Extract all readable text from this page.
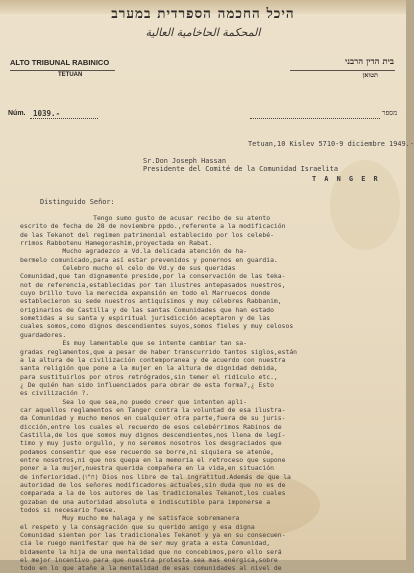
היכל החכמה הספרדית במערב
المحكمة الحاخامية العالية
ALTO TRIBUNAL RABINICO
TETUAN
בית הדין הרבני
תטואן
Núm. 1039.-	מספר
Tetuan,10 Kislev 5710-9 diciembre 1949.-
Sr.Don Joseph Hassan
Presidente del Comité de la Comunidad Israelita
T A N G E R
Distinguido Señor:
Tengo sumo gusto de acusar recibo de su atento
escrito de fecha de 28 de noviembre ppdo.,referente a la modificación
de las Tekanot del regimen patrimonial establecido por los celebé-
rrimos Rabbotenu Hamegorashim,proyectada en Rabat.
Mucho agradezco a Vd.la delicada atención de ha-
bermelo comunicado,para así estar prevenidos y ponernos en guardia.
Celebro mucho el celo de Vd.y de sus queridas
Comunidad,que tan dignamente preside,por la conservación de las teka-
not de referencia,establecidas por tan ilustres antepasados nuestros,
cuyo brillo tuvo la merecida expansión en todo el Marruecos donde
establecieron su sede nuestros antiquísimos y muy célebres Rabbanim,
originarios de Castilla y de las santas Comunidades que han estado
sometidas a su santa y espiritual jurisdicción aceptaron y de las
cuales somos,como dignos descendientes suyos,somos fieles y muy celosos
guardadores.
Es muy lamentable que se intente cambiar tan sa-
gradas reglamentos,que a pesar de haber transcurrido tantos siglos,están
a la altura de la civilización contemporanea y de acuerdo con nuestra
santa religión que pone a la mujer en la altura de dignidad debida,
para sustituirlos por otros retrógrados,sin temer el ridículo etc.,
¿ De quién han sido influenciados para obrar de esta forma?,¿ Esto
es civilización ?.
Sea lo que sea,no puedo creer que intenten apli-
car aquellos reglamentos en Tanger contra la voluntad de esa ilustra-
da Comunidad y mucho menos en cualquier otra parte,fuera de su juris-
dicción,entre los cuales el recuerdo de esos celebérrimos Rabinos de
Castilla,de los que somos muy dignos descendientes,nos llena de legí-
timo y muy justo orgullo, y no seremos nosotros los desgraciados que
podamos consentir que ese recuerdo se borre,ni siquiera se atenúe,
entre nosotros,ni que nos quepa en la memoria el retroceso que supone
poner a la mujer,nuestra querida compañera en la vida,en situación
de inferioridad.(ח"ו) Dios nos libre de tal ingratitud.Además de que la
autoridad de los señores modificadores actuales,sin duda que no es de
comparada a la de los autores de las tradicionales Tekanot,los cuales
gozaban de una autoridad absoluta e indiscutible para imponerse a
todos si necesario fuese.
Muy mucho me halaga y me satisface sobremanera
el respeto y la consagración que su querido amigo y esa digna
Comunidad sienten por las tradicionales Tekanot y ya en su consecuen-
cia le ruego manifestar que ha de ser muy grata a esta Comunidad,
bidamente la hija de una mentalidad que no concebimos,pero ello será
el mejor incentivo para que nuestra protesta sea mas enérgica,sobre
todo en lo que atañe a la mentalidad de esas comunidades al nivel de
